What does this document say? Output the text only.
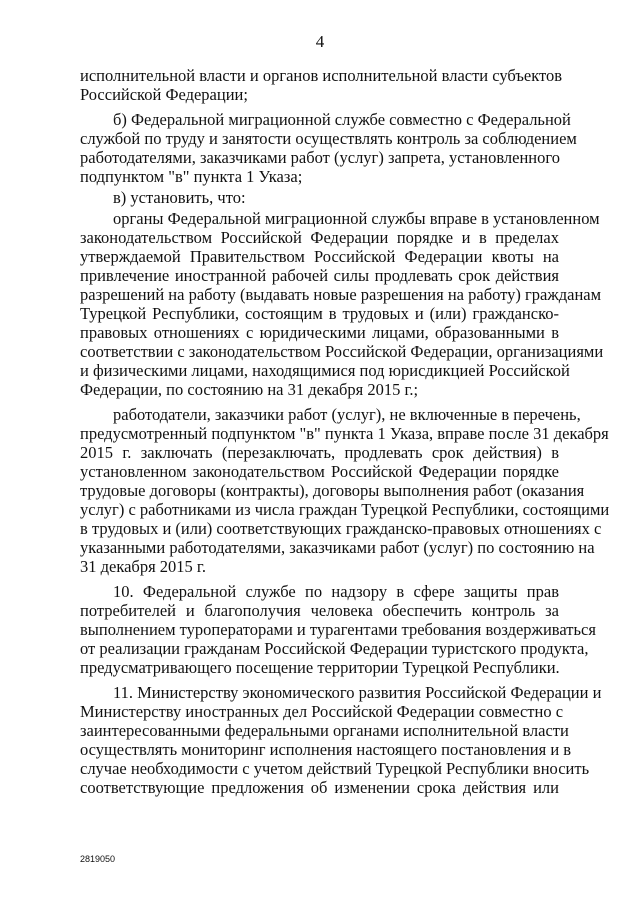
4
исполнительной власти и органов исполнительной власти субъектов
Российской Федерации;
б) Федеральной миграционной службе совместно с Федеральной
службой по труду и занятости осуществлять контроль за соблюдением
работодателями, заказчиками работ (услуг) запрета, установленного
подпунктом "в" пункта 1 Указа;
в) установить, что:
органы Федеральной миграционной службы вправе в установленном
законодательством Российской Федерации порядке и в пределах
утверждаемой Правительством Российской Федерации квоты на
привлечение иностранной рабочей силы продлевать срок действия
разрешений на работу (выдавать новые разрешения на работу) гражданам
Турецкой Республики, состоящим в трудовых и (или) гражданско-
правовых отношениях с юридическими лицами, образованными в
соответствии с законодательством Российской Федерации, организациями
и физическими лицами, находящимися под юрисдикцией Российской
Федерации, по состоянию на 31 декабря 2015 г.;
работодатели, заказчики работ (услуг), не включенные в перечень,
предусмотренный подпунктом "в" пункта 1 Указа, вправе после 31 декабря
2015 г. заключать (перезаключать, продлевать срок действия) в
установленном законодательством Российской Федерации порядке
трудовые договоры (контракты), договоры выполнения работ (оказания
услуг) с работниками из числа граждан Турецкой Республики, состоящими
в трудовых и (или) соответствующих гражданско-правовых отношениях с
указанными работодателями, заказчиками работ (услуг) по состоянию на
31 декабря 2015 г.
10. Федеральной службе по надзору в сфере защиты прав
потребителей и благополучия человека обеспечить контроль за
выполнением туроператорами и турагентами требования воздерживаться
от реализации гражданам Российской Федерации туристского продукта,
предусматривающего посещение территории Турецкой Республики.
11. Министерству экономического развития Российской Федерации и
Министерству иностранных дел Российской Федерации совместно с
заинтересованными федеральными органами исполнительной власти
осуществлять мониторинг исполнения настоящего постановления и в
случае необходимости с учетом действий Турецкой Республики вносить
соответствующие предложения об изменении срока действия или
2819050
